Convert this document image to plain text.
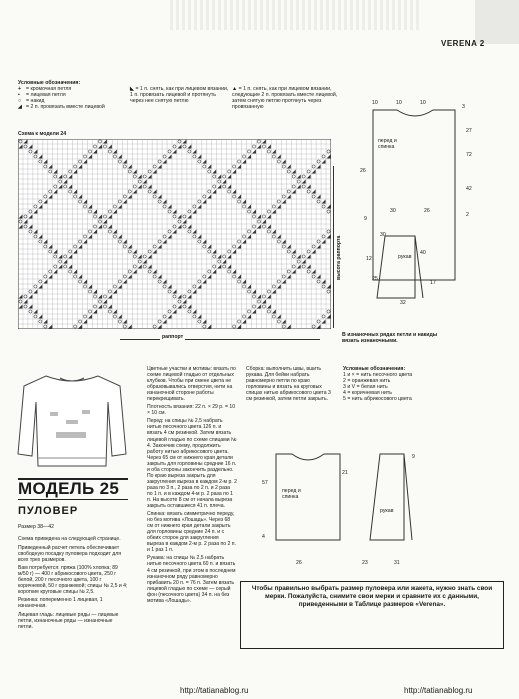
VERENA 2

Условные обозначения:

+ = кромочная петля

▪ = лицевая петля

○ = накид

◢ = 2 п. провязать вместе лицевой

◣ = 1 п. снять, как при лицевом вязании, 1 п. провязать лицевой и протянуть через нее снятую петлю
▲ = 1 п. снять, как при лицевом вязании, следующие 2 п. провязать вместе лицевой, затем снятую петлю протянуть через провязанную
Схема к модели 24
высота раппорта
раппорт	В изнаночных рядах петли и накиды вязать изнаночными.
перед и спинка
рукав
10	10	10
3
27
72
42
26
30	26
9
30
12
40
25
32
17
2
МОДЕЛЬ 25
ПУЛОВЕР
Размер 38—42

Схема приведена на следующей странице.

Приведенный расчет петель обеспечивает свободную посадку пуловера подходит для всех трех размеров.

Вам потребуется: пряжа (100% хлопка; 89 м/50 г) — 400 г абрикосового цвета, 250 г белой, 200 г песочного цвета, 100 г коричневой, 50 г оранжевой; спицы № 2,5 и 4; короткие круговые спицы № 2,5.

Резинка: попеременно 1 лицевая, 1 изнаночная.

Лицевая гладь: лицевые ряды — лицевые петли, изнаночные ряды — изнаночные петли.

Цветные участки и мотивы: вязать по схеме лицевой гладью от отдельных клубков. Чтобы при смене цвета не образовывались отверстия, нити на изнаночной стороне работы перекрещивать.

Плотность вязания: 22 п. × 29 р. = 10 × 10 см.

Перед: на спицы № 2,5 набрать нитью песочного цвета 126 п. и вязать 4 см резинкой. Затем вязать лицевой гладью по схеме спицами № 4. Закончив схему, продолжить работу нитью абрикосового цвета. Через 65 см от нижнего края детали закрыть для горловины средние 16 п. и оба стороны закончить раздельно. По краю выреза закрыть для закругления выреза в каждом 2-м р. 2 раза по 3 п., 2 раза по 2 п. и 2 раза по 1 п. и в каждом 4-м р. 2 раза по 1 п. На высоте 8 см от начала выреза закрыть оставшиеся 41 п. плеча.

Спинка: вязать симметрично переду, но без мотива «Лошадь». Через 68 см от нижнего края детали закрыть для горловины средние 24 п. и с обеих сторон для закругления выреза в каждом 2-м р. 2 раза по 2 п. и 1 раз 1 п.

Рукава: на спицы № 2,5 набрать нитью песочного цвета 60 п. и вязать 4 см резинкой, при этом в последнем изнаночном ряду равномерно прибавить 20 п. = 76 п. Затем вязать лицевой гладью по схеме — серый фон (песочного цвета) 34 п. на без мотива «Лошадь».

Сборка: выполнить швы, вшить рукава. Для бейки набрать равномерно петли по краю горловины и вязать на круговых спицах нитью абрикосового цвета 3 см резинкой, затем петли закрыть.

Условные обозначения:

1 и × = нить песочного цвета

2 = оранжевая нить

3 и V = белая нить

4 = коричневая нить

5 = нить абрикосового цвета

перед и спинка
рукав
57
4
21
23	31
9
26
Чтобы правильно выбрать размер пуловера или жакета, нужно знать свои мерки. Пожалуйста, снимите свои мерки и сравните их с данными, приведенными в Таблице размеров «Verena».
http://tatianablog.ru	http://tatianablog.ru
